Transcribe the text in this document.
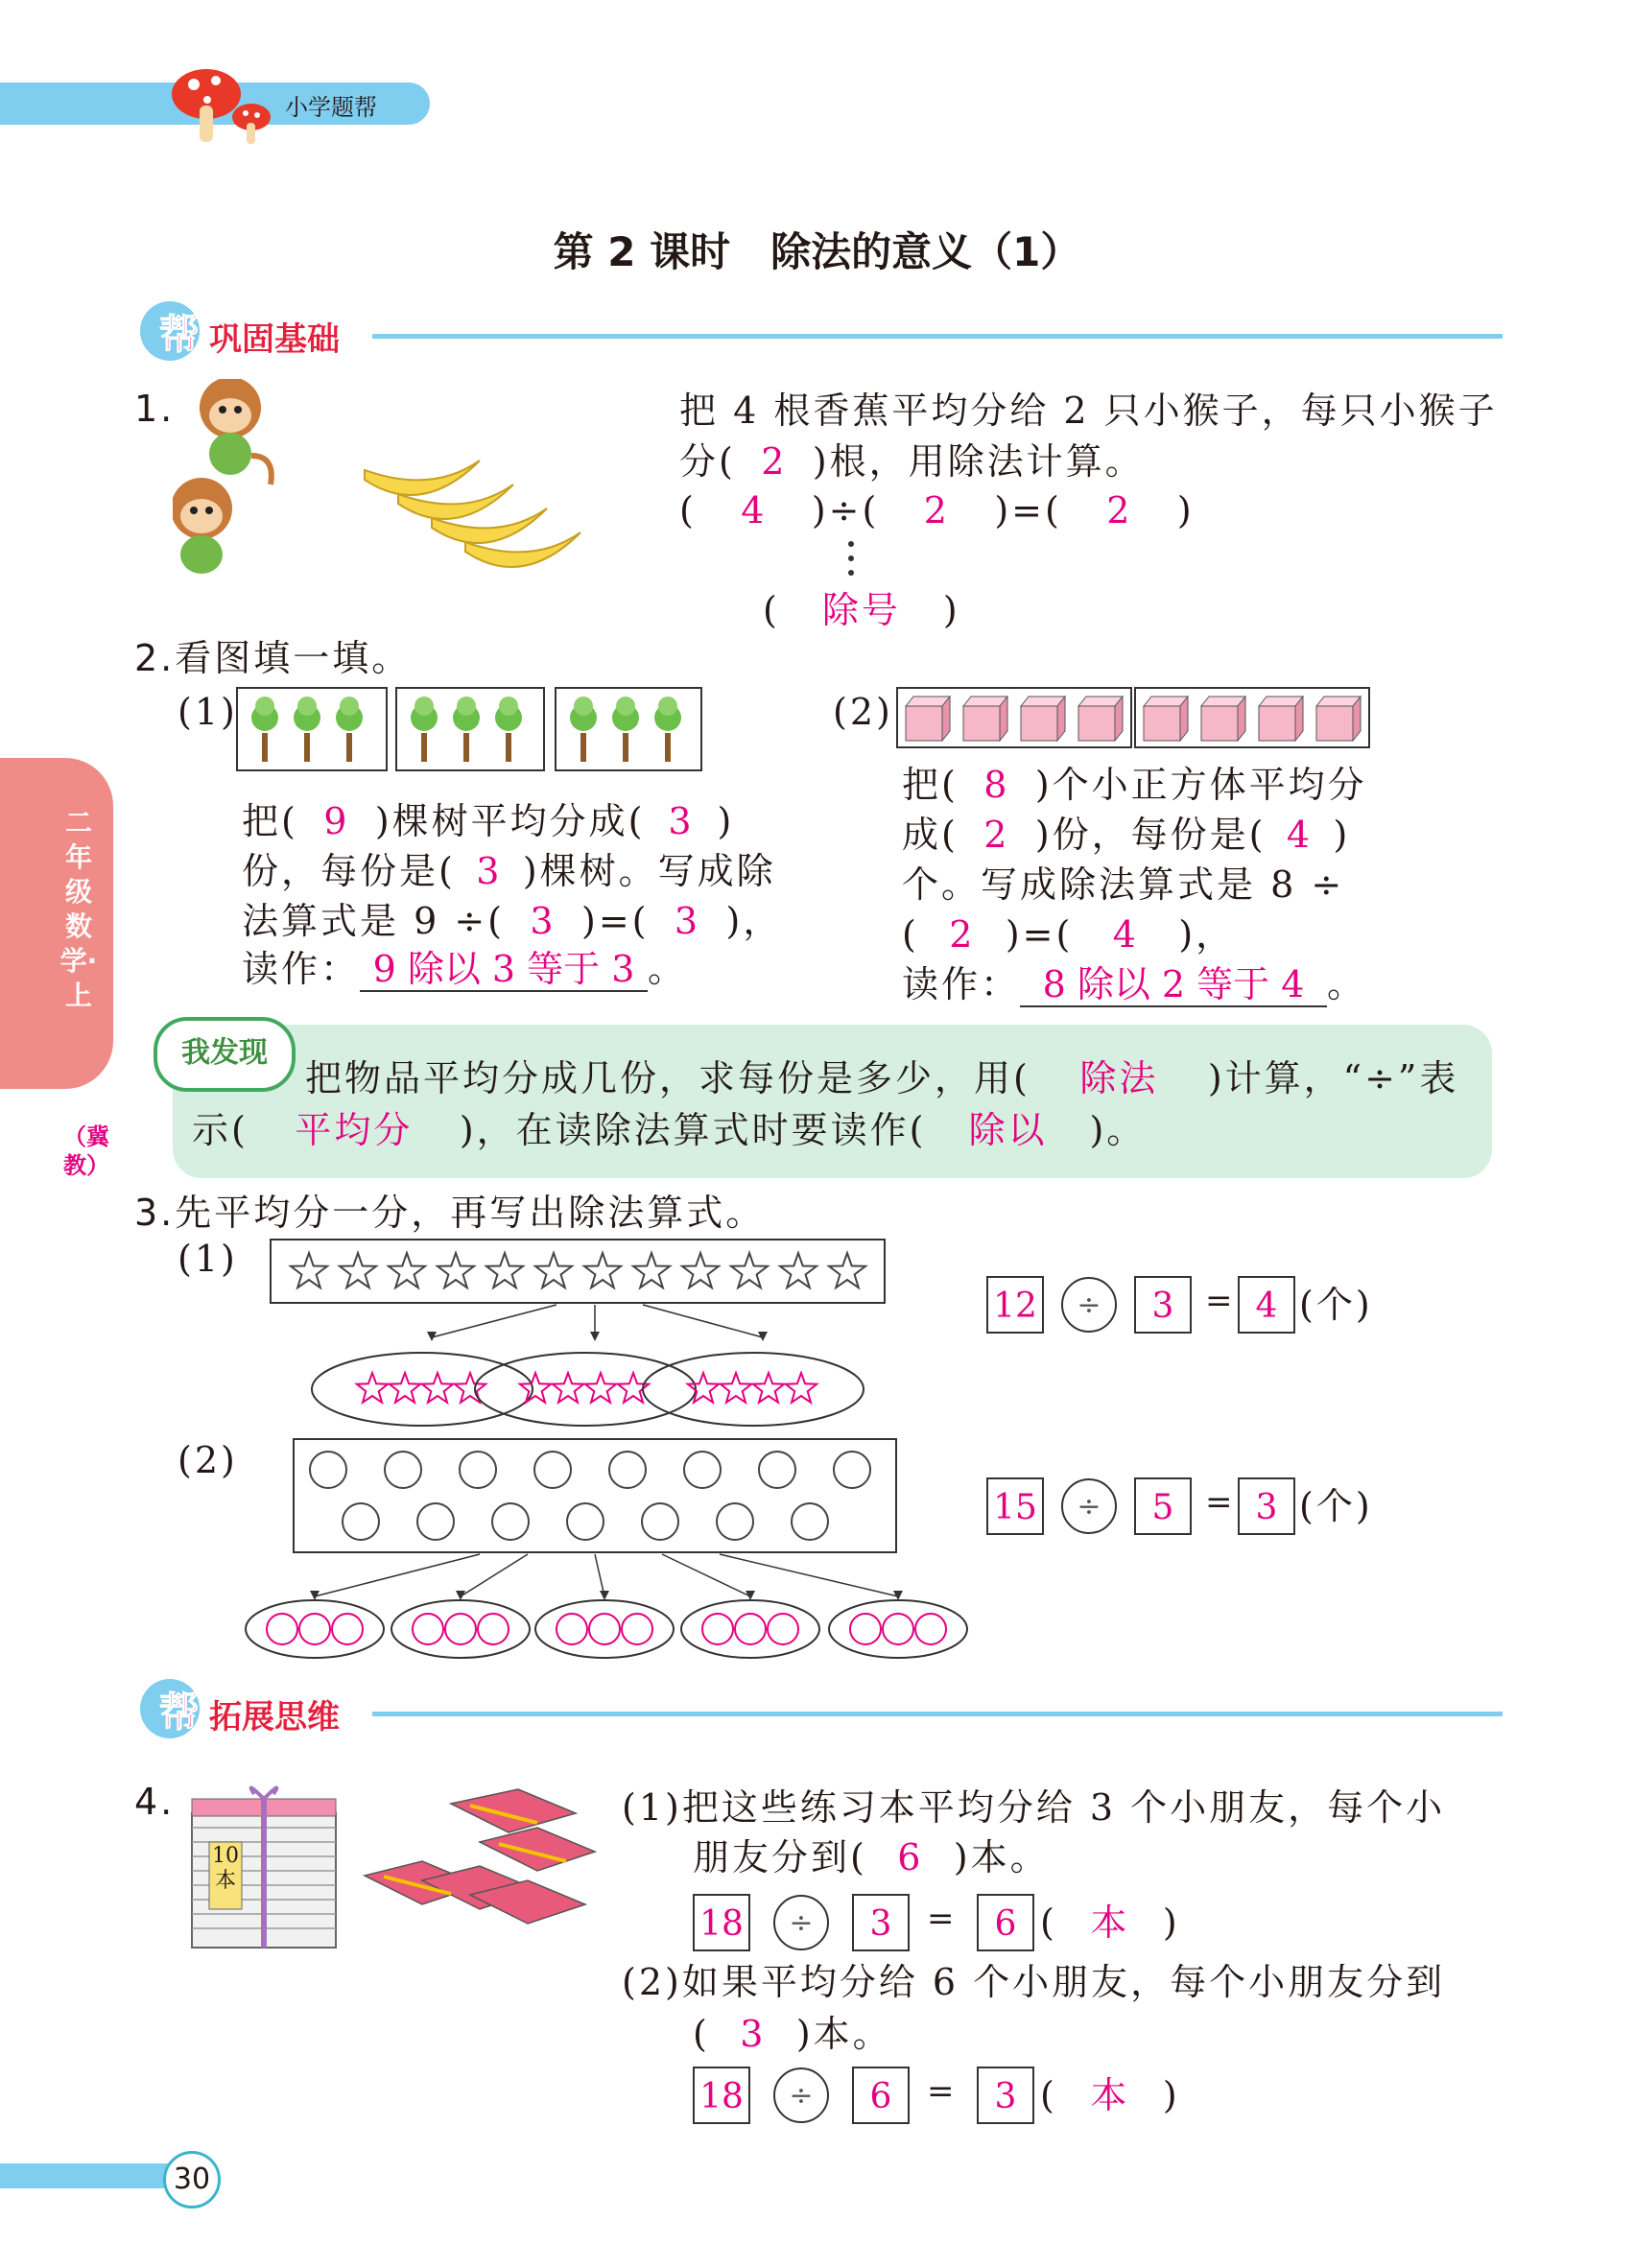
小学题帮
第 2 课时　除法的意义（1）
帮 巩固基础
二年级数学·上
（冀教）
1.	把 4 根香蕉平均分给 2 只小猴子，每只小猴子
分( 2 )根，用除法计算。
( 4 )÷( 2 )=( 2 )
( 除号 )
2.看图填一填。
(1)
把( 9 )棵树平均分成( 3 )
份，每份是( 3 )棵树。写成除
法算式是 9 ÷( 3 )=( 3 )，
读作： 9 除以 3 等于 3 。
(2)
把( 8 )个小正方体平均分
成( 2 )份，每份是( 4 )
个。写成除法算式是 8 ÷
( 2 )=( 4 )，
读作： 8 除以 2 等于 4 。
我发现
把物品平均分成几份，求每份是多少，用( 除法 )计算，“÷”表
示( 平均分 )，在读除法算式时要读作( 除以 )。
3.先平均分一分，再写出除法算式。
(1)
12	÷	3 = 4 (个)
(2)
15	÷	5 = 3 (个)
帮 拓展思维
4.
10
本
(1)把这些练习本平均分给 3 个小朋友，每个小
朋友分到( 6 )本。
18	÷	3	=	6 ( 本 )
(2)如果平均分给 6 个小朋友，每个小朋友分到
( 3 )本。
18	÷	6	=	3 ( 本 )
30
